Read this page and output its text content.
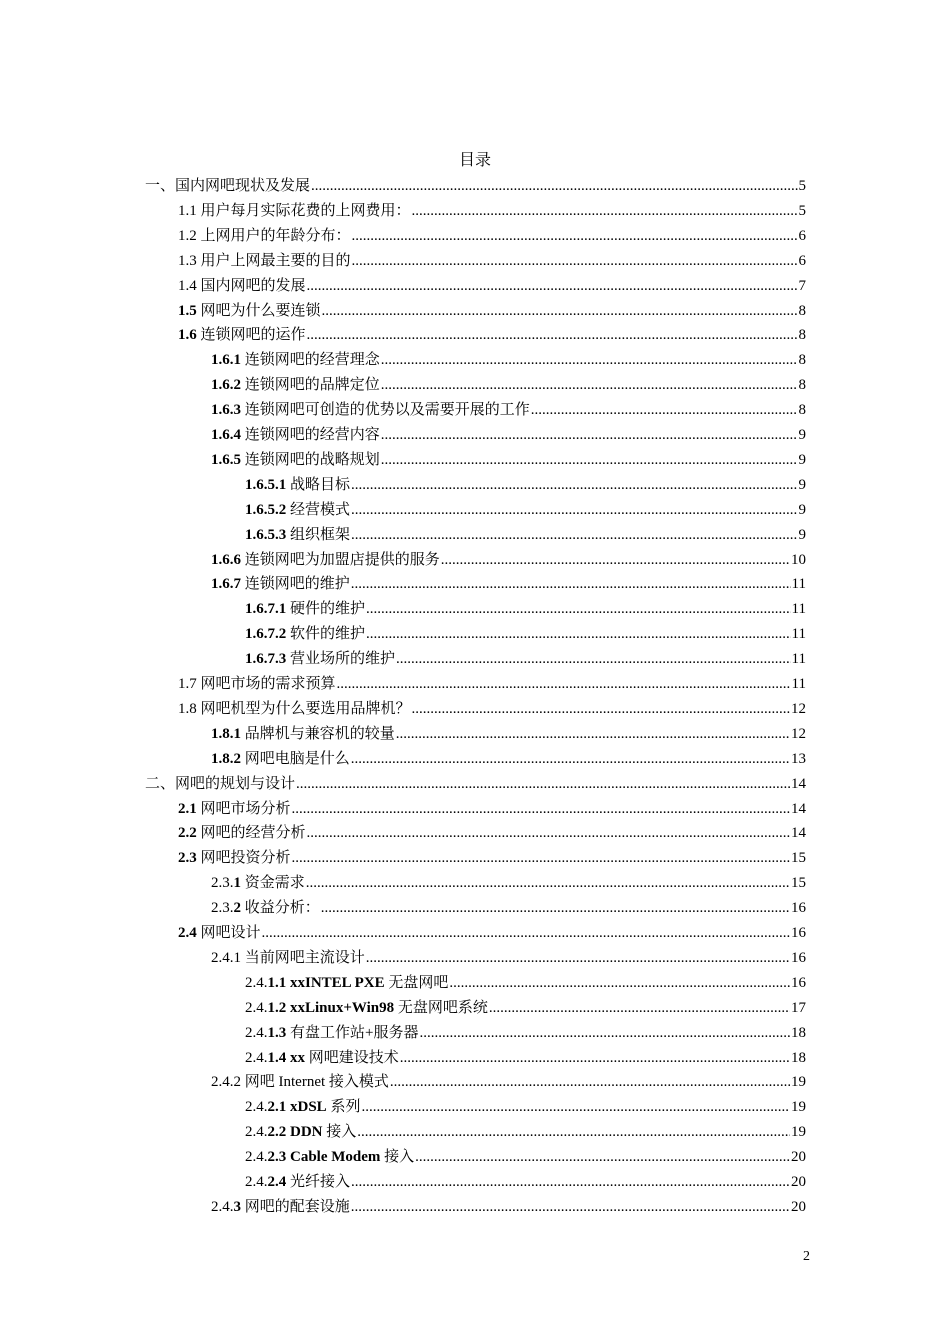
目录
一、国内网吧现状及发展 .....	5
1.1 用户每月实际花费的上网费用： .....	5
1.2 上网用户的年龄分布： .....	6
1.3 用户上网最主要的目的 .....	6
1.4 国内网吧的发展 .....	7
1.5 网吧为什么要连锁 .....	8
1.6 连锁网吧的运作 .....	8
1.6.1 连锁网吧的经营理念 .....	8
1.6.2 连锁网吧的品牌定位 .....	8
1.6.3 连锁网吧可创造的优势以及需要开展的工作 .....	8
1.6.4 连锁网吧的经营内容 .....	9
1.6.5 连锁网吧的战略规划 .....	9
1.6.5.1 战略目标 .....	9
1.6.5.2 经营模式 .....	9
1.6.5.3 组织框架 .....	9
1.6.6 连锁网吧为加盟店提供的服务 .....	10
1.6.7 连锁网吧的维护 .....	11
1.6.7.1 硬件的维护 .....	11
1.6.7.2 软件的维护 .....	11
1.6.7.3 营业场所的维护 .....	11
1.7 网吧市场的需求预算 .....	11
1.8 网吧机型为什么要选用品牌机？ .....	12
1.8.1 品牌机与兼容机的较量 .....	12
1.8.2 网吧电脑是什么 .....	13
二、网吧的规划与设计 .....	14
2.1 网吧市场分析 .....	14
2.2 网吧的经营分析 .....	14
2.3 网吧投资分析 .....	15
2.3.1 资金需求 .....	15
2.3.2 收益分析： .....	16
2.4 网吧设计 .....	16
2.4.1 当前网吧主流设计 .....	16
2.4.1.1 xxINTEL PXE 无盘网吧 .....	16
2.4.1.2 xxLinux+Win98 无盘网吧系统 .....	17
2.4.1.3 有盘工作站+服务器 .....	18
2.4.1.4 xx 网吧建设技术 .....	18
2.4.2 网吧 Internet 接入模式 .....	19
2.4.2.1 xDSL 系列 .....	19
2.4.2.2 DDN 接入 .....	19
2.4.2.3 Cable Modem 接入 .....	20
2.4.2.4 光纤接入 .....	20
2.4.3 网吧的配套设施 .....	20
2
